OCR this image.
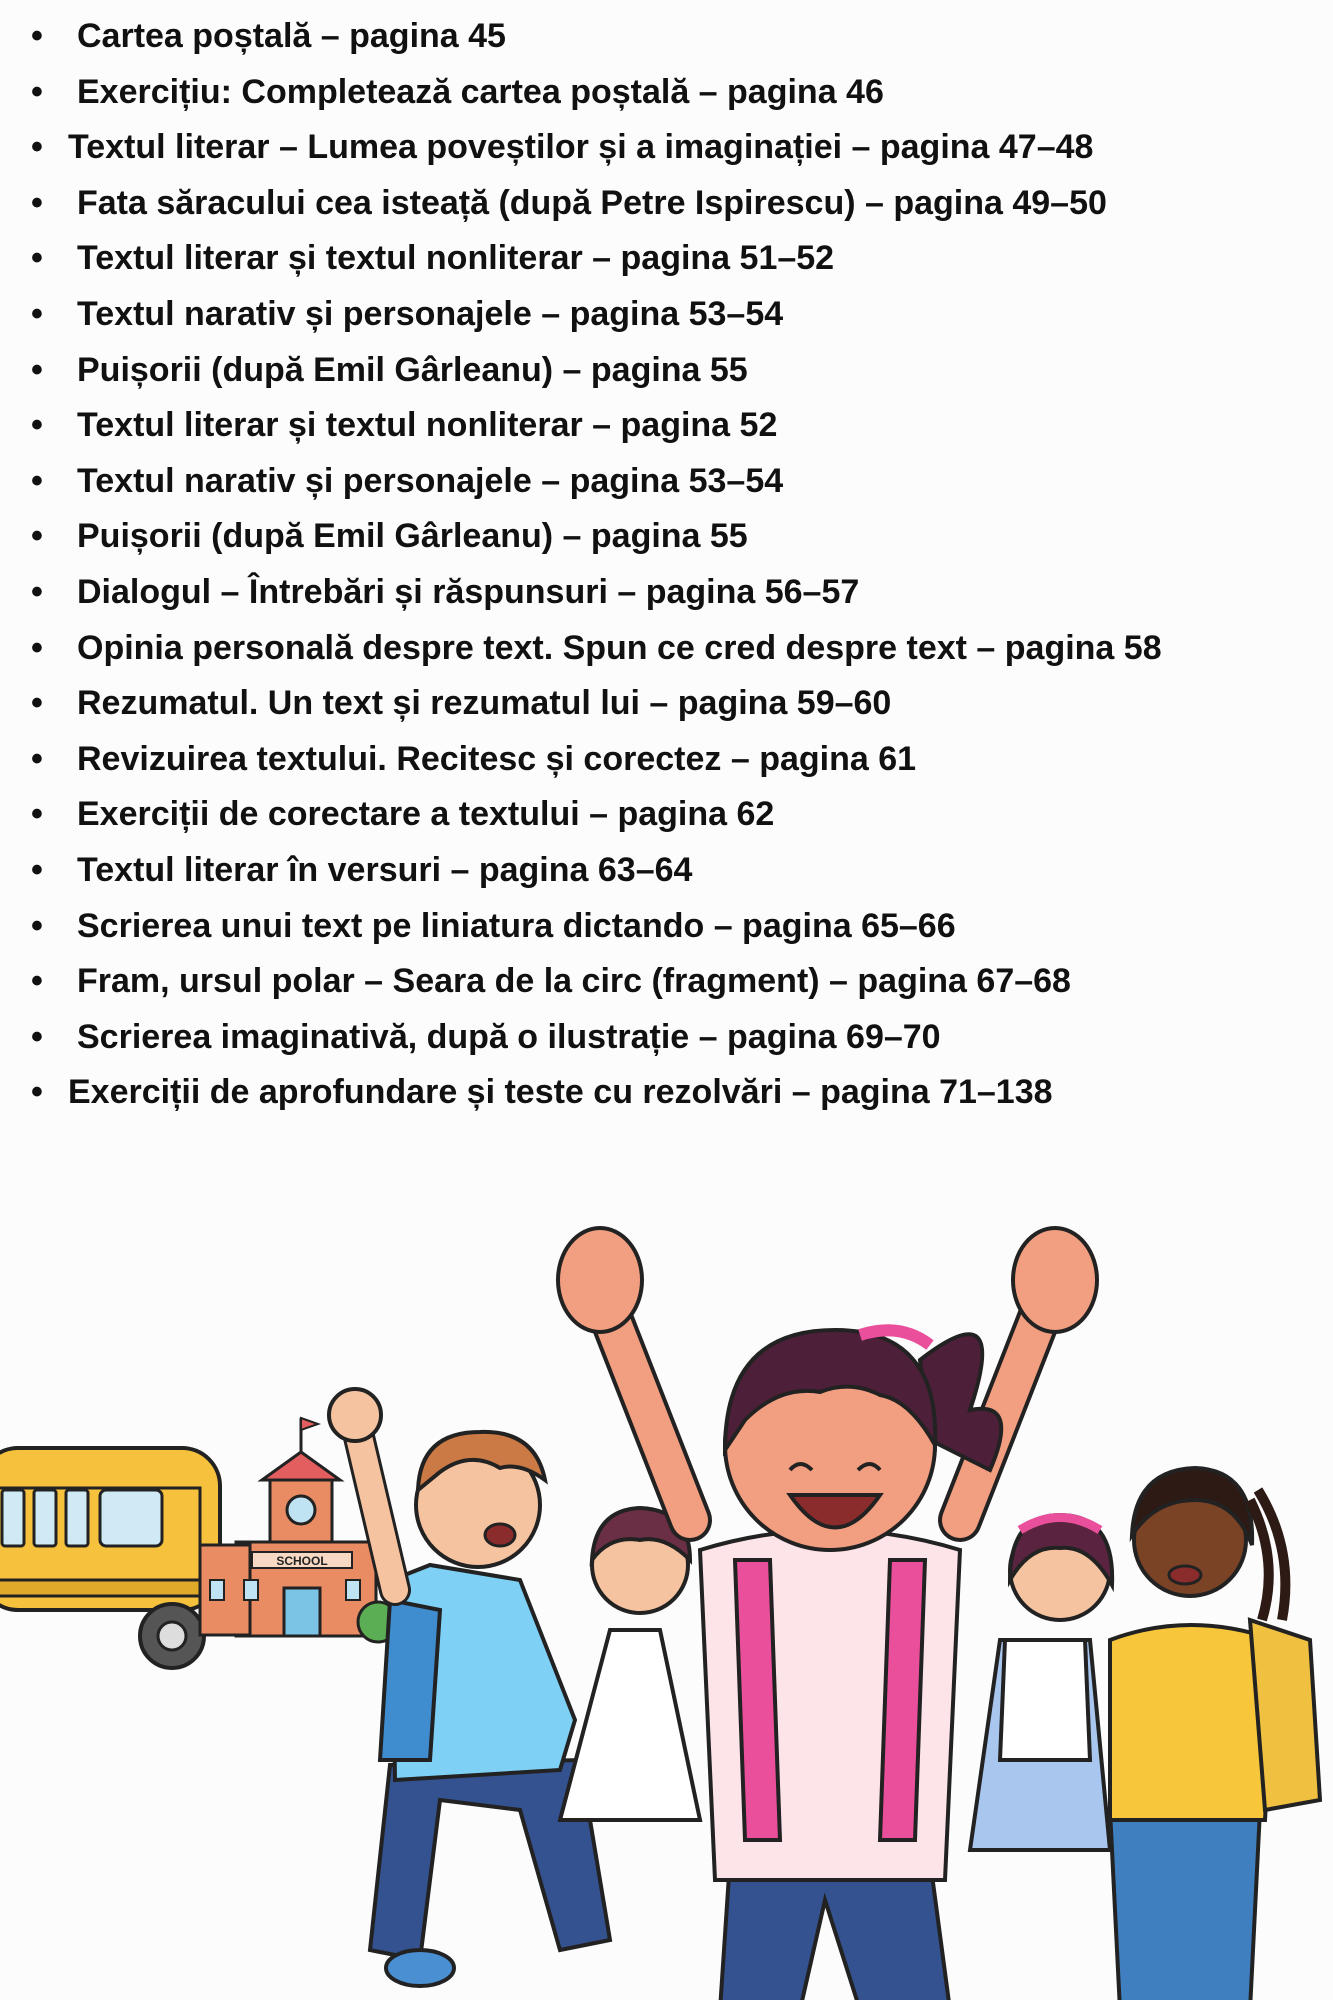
• Cartea poștală – pagina 45
• Exercițiu: Completează cartea poștală – pagina 46
• Textul literar – Lumea poveștilor și a imaginației – pagina 47–48
• Fata săracului cea isteață (după Petre Ispirescu) – pagina 49–50
• Textul literar și textul nonliterar – pagina 51–52
• Textul narativ și personajele – pagina 53–54
• Puișorii (după Emil Gârleanu) – pagina 55
• Textul literar și textul nonliterar – pagina 52
• Textul narativ și personajele – pagina 53–54
• Puișorii (după Emil Gârleanu) – pagina 55
• Dialogul – Întrebări și răspunsuri – pagina 56–57
• Opinia personală despre text. Spun ce cred despre text – pagina 58
• Rezumatul. Un text și rezumatul lui – pagina 59–60
• Revizuirea textului. Recitesc și corectez – pagina 61
• Exerciții de corectare a textului – pagina 62
• Textul literar în versuri – pagina 63–64
• Scrierea unui text pe liniatura dictando – pagina 65–66
• Fram, ursul polar – Seara de la circ (fragment) – pagina 67–68
• Scrierea imaginativă, după o ilustrație – pagina 69–70
• Exerciții de aprofundare și teste cu rezolvări – pagina 71–138
SCHOOL
